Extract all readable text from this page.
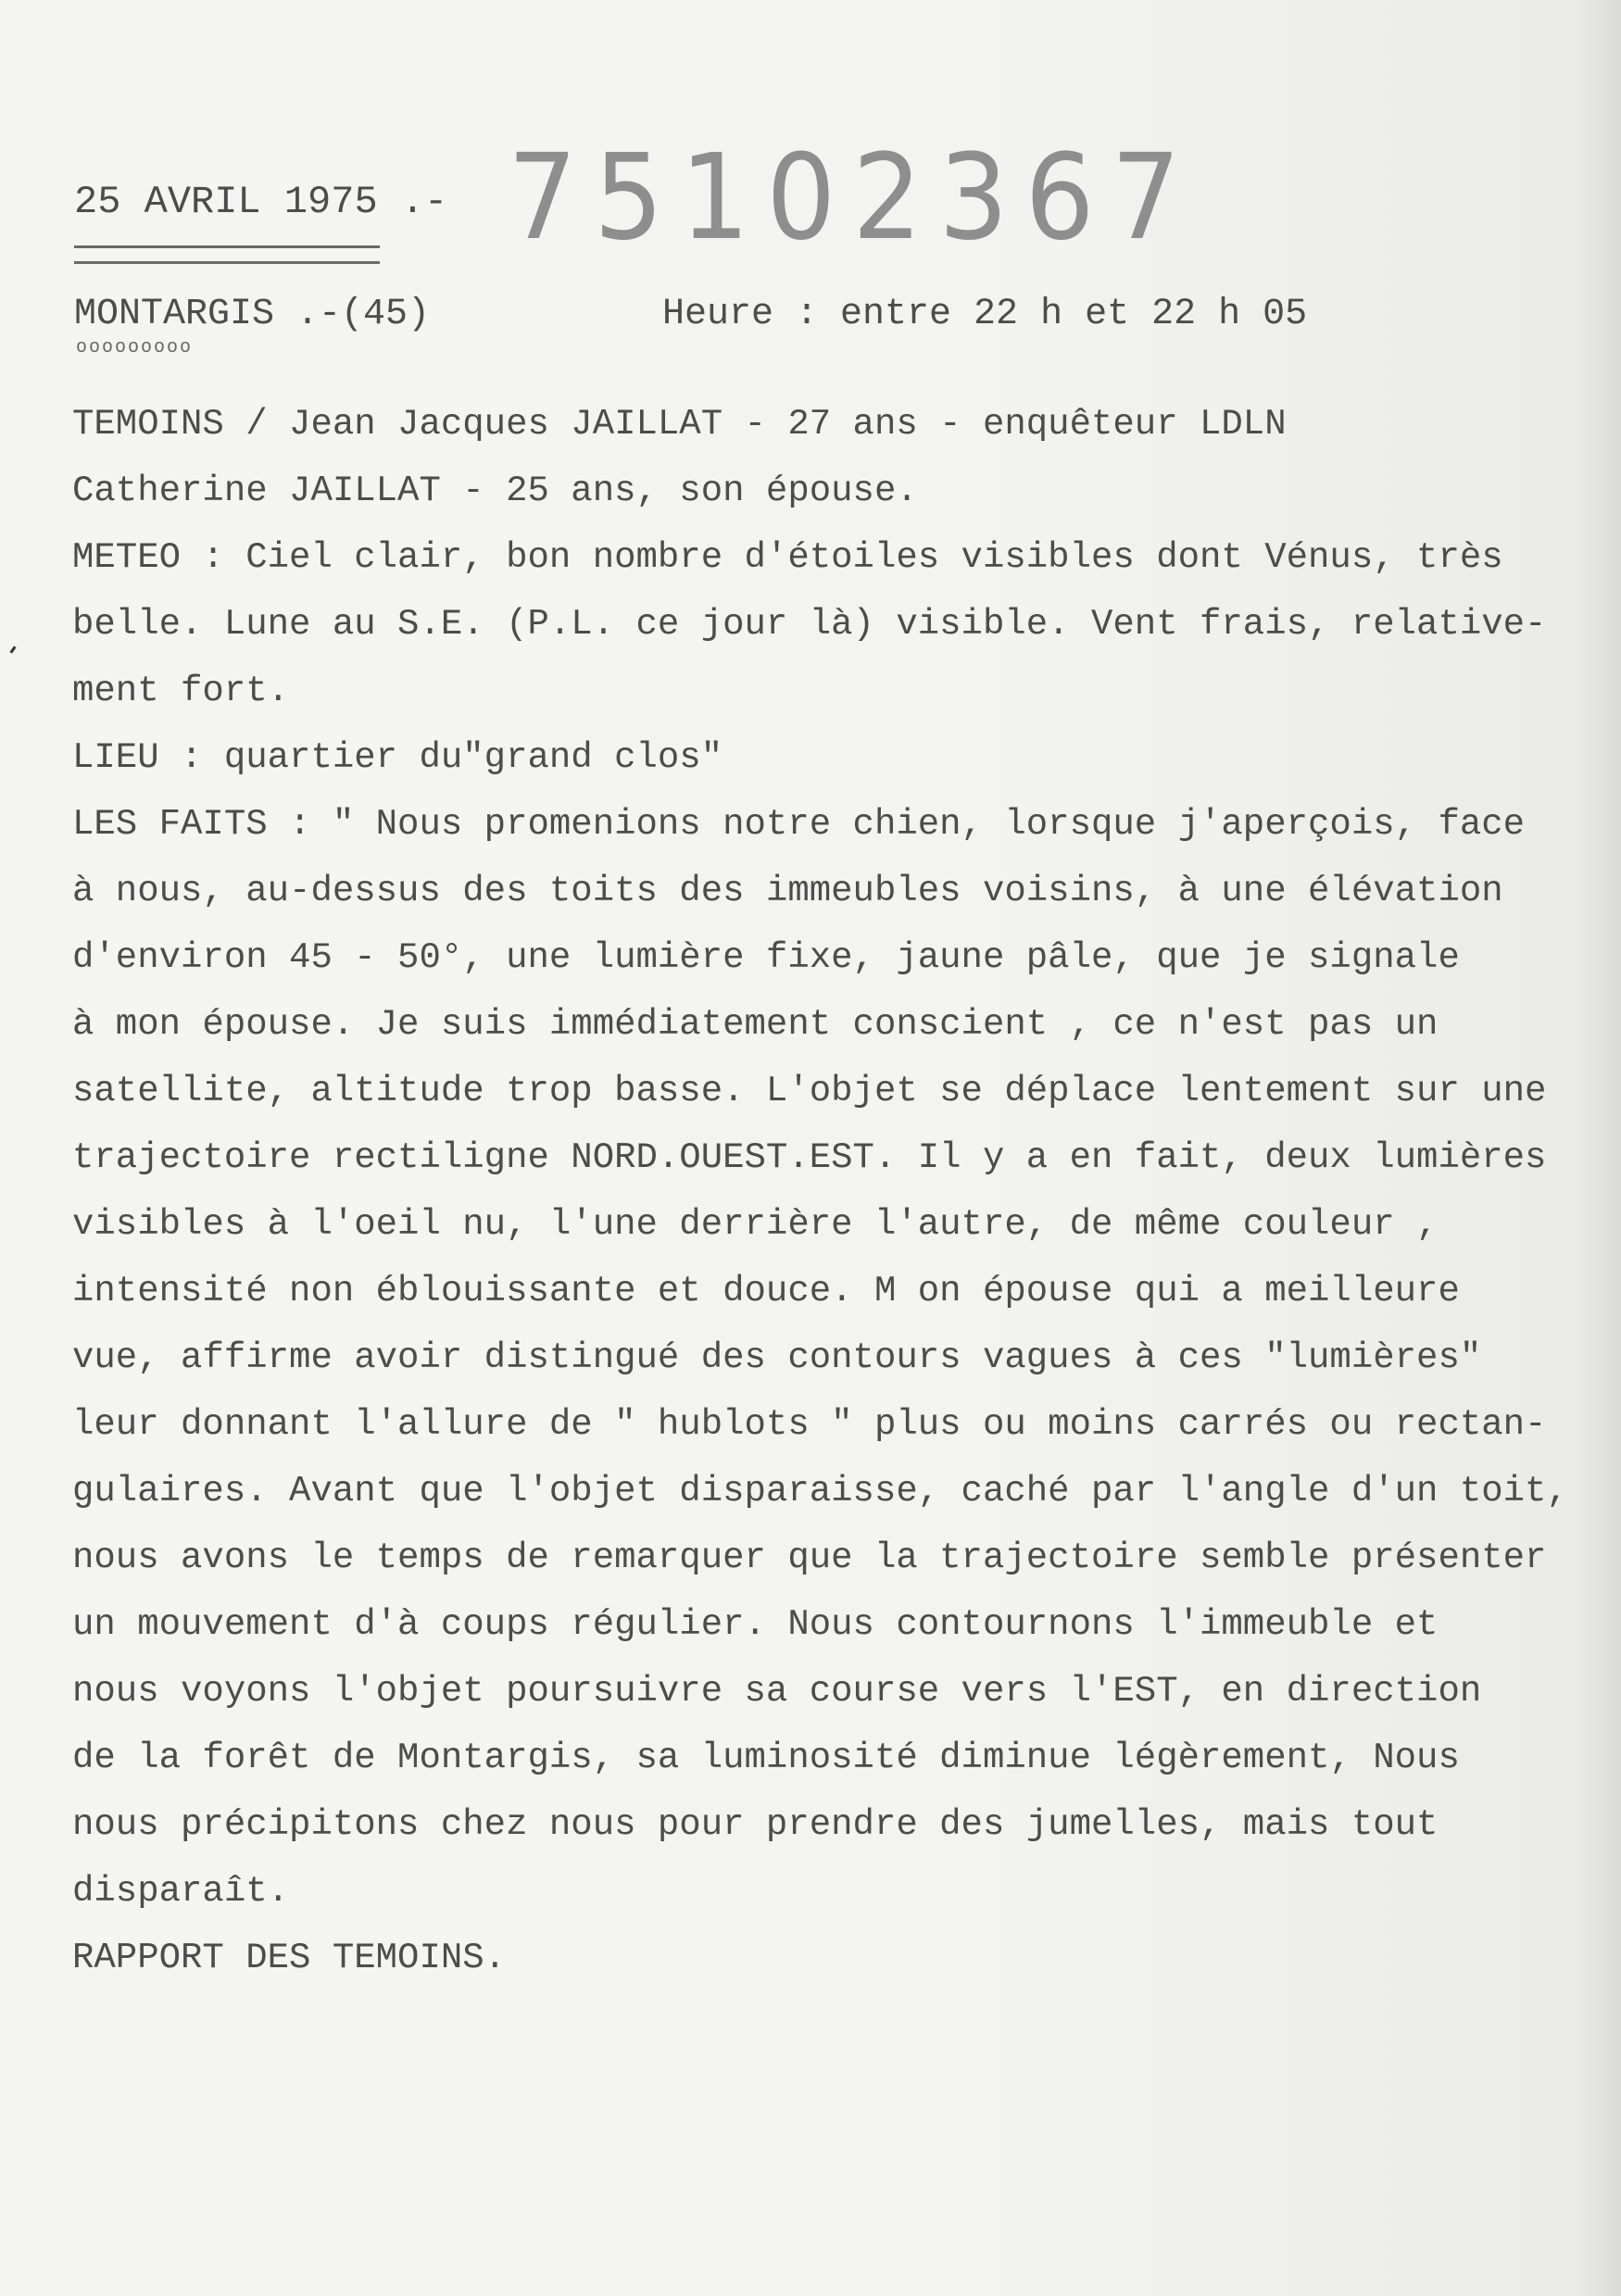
25 AVRIL 1975 .- 75102367
MONTARGIS .-(45)
ooooooooo
Heure : entre 22 h et 22 h 05
TEMOINS / Jean Jacques JAILLAT - 27 ans - enquêteur LDLN
Catherine JAILLAT - 25 ans, son épouse.
METEO : Ciel clair, bon nombre d'étoiles visibles dont Vénus, très
belle. Lune au S.E. (P.L. ce jour là) visible. Vent frais, relative-
ment fort.
LIEU : quartier du"grand clos"
LES FAITS : " Nous promenions notre chien, lorsque j'aperçois, face
à nous, au-dessus des toits des immeubles voisins, à une élévation
d'environ 45 - 50°, une lumière fixe, jaune pâle, que je signale
à mon épouse. Je suis immédiatement conscient , ce n'est pas un
satellite, altitude trop basse. L'objet se déplace lentement sur une
trajectoire rectiligne NORD.OUEST.EST. Il y a en fait, deux lumières
visibles à l'oeil nu, l'une derrière l'autre, de même couleur ,
intensité non éblouissante et douce. M on épouse qui a meilleure
vue, affirme avoir distingué des contours vagues à ces "lumières"
leur donnant l'allure de " hublots " plus ou moins carrés ou rectan-
gulaires. Avant que l'objet disparaisse, caché par l'angle d'un toit,
nous avons le temps de remarquer que la trajectoire semble présenter
un mouvement d'à coups régulier. Nous contournons l'immeuble et
nous voyons l'objet poursuivre sa course vers l'EST, en direction
de la forêt de Montargis, sa luminosité diminue légèrement, Nous
nous précipitons chez nous pour prendre des jumelles, mais tout
disparaît.
RAPPORT DES TEMOINS.
